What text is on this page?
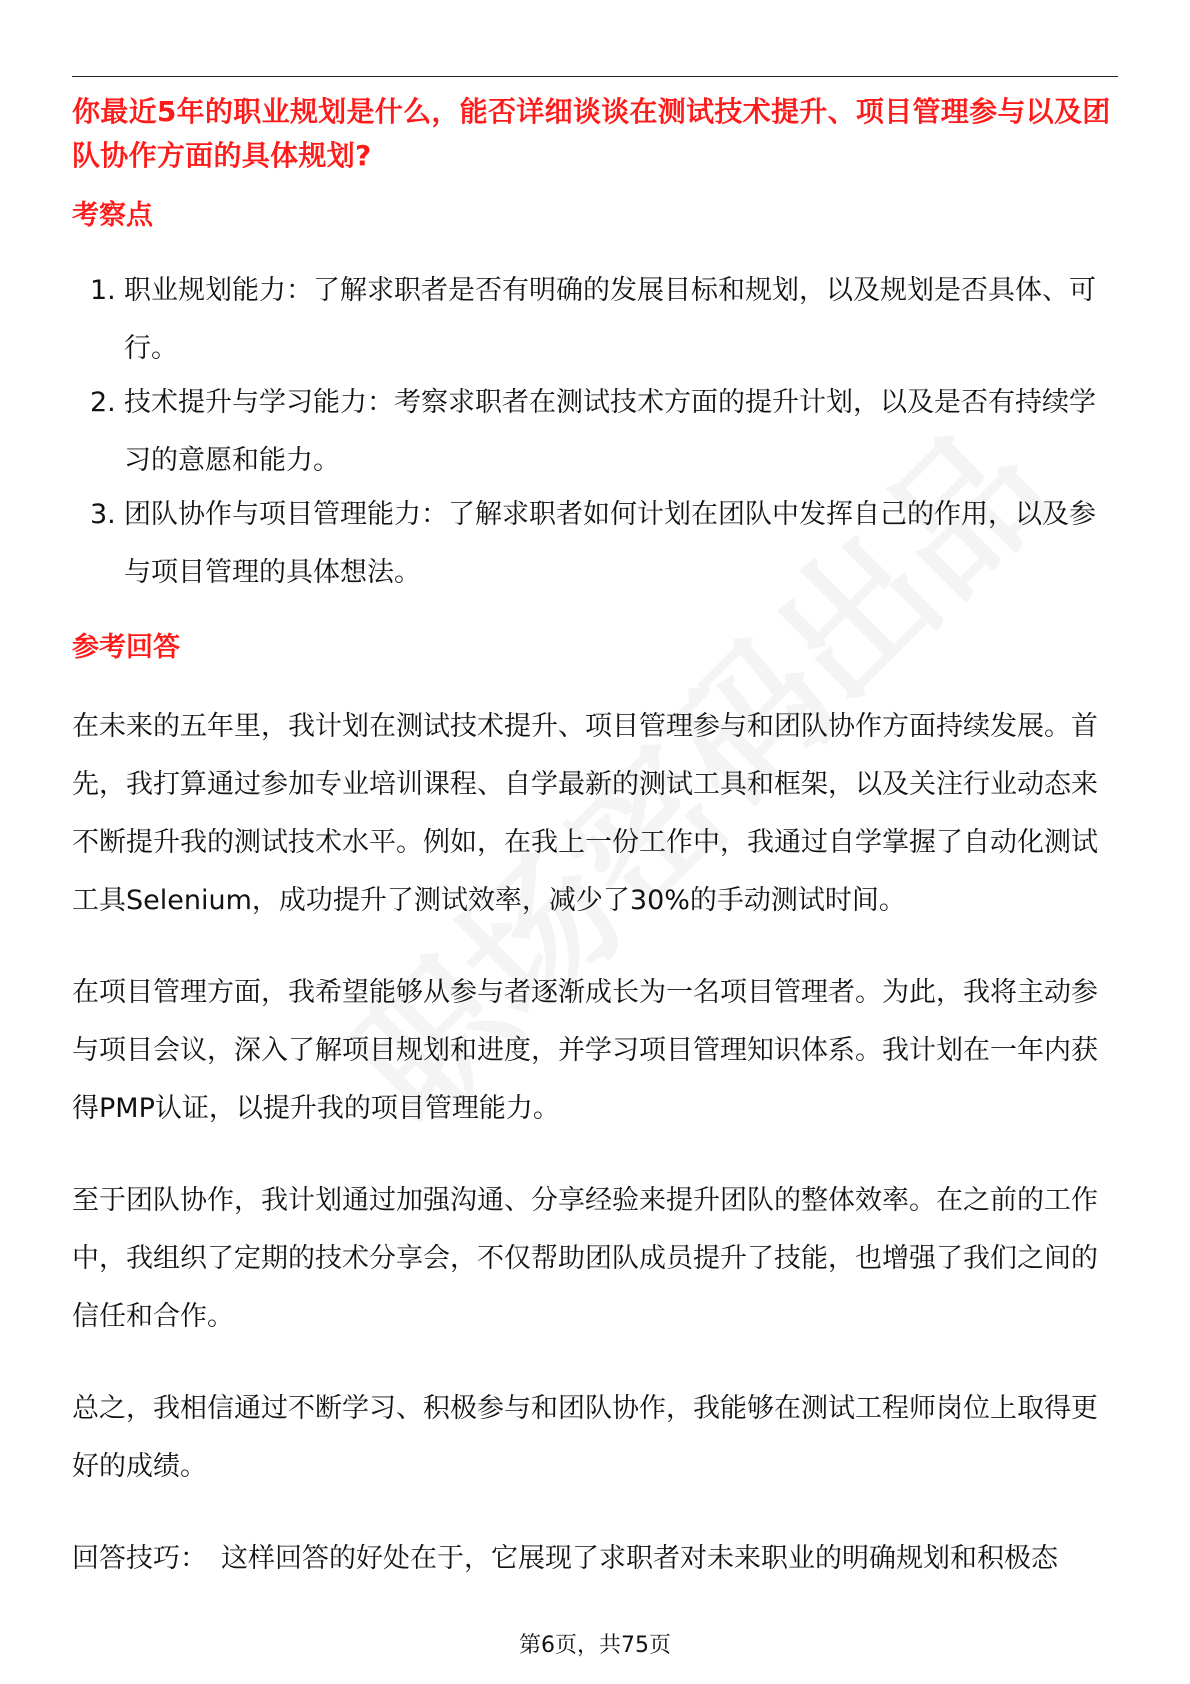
你最近5年的职业规划是什么，能否详细谈谈在测试技术提升、项目管理参与以及团队协作方面的具体规划?

考察点

1. 职业规划能力：了解求职者是否有明确的发展目标和规划，以及规划是否具体、可行。
2. 技术提升与学习能力：考察求职者在测试技术方面的提升计划，以及是否有持续学习的意愿和能力。
3. 团队协作与项目管理能力：了解求职者如何计划在团队中发挥自己的作用，以及参与项目管理的具体想法。

参考回答

在未来的五年里，我计划在测试技术提升、项目管理参与和团队协作方面持续发展。首先，我打算通过参加专业培训课程、自学最新的测试工具和框架，以及关注行业动态来不断提升我的测试技术水平。例如，在我上一份工作中，我通过自学掌握了自动化测试工具Selenium，成功提升了测试效率，减少了30%的手动测试时间。

在项目管理方面，我希望能够从参与者逐渐成长为一名项目管理者。为此，我将主动参与项目会议，深入了解项目规划和进度，并学习项目管理知识体系。我计划在一年内获得PMP认证，以提升我的项目管理能力。

至于团队协作，我计划通过加强沟通、分享经验来提升团队的整体效率。在之前的工作中，我组织了定期的技术分享会，不仅帮助团队成员提升了技能，也增强了我们之间的信任和合作。

总之，我相信通过不断学习、积极参与和团队协作，我能够在测试工程师岗位上取得更好的成绩。

回答技巧： 这样回答的好处在于，它展现了求职者对未来职业的明确规划和积极态

第6页，共75页
